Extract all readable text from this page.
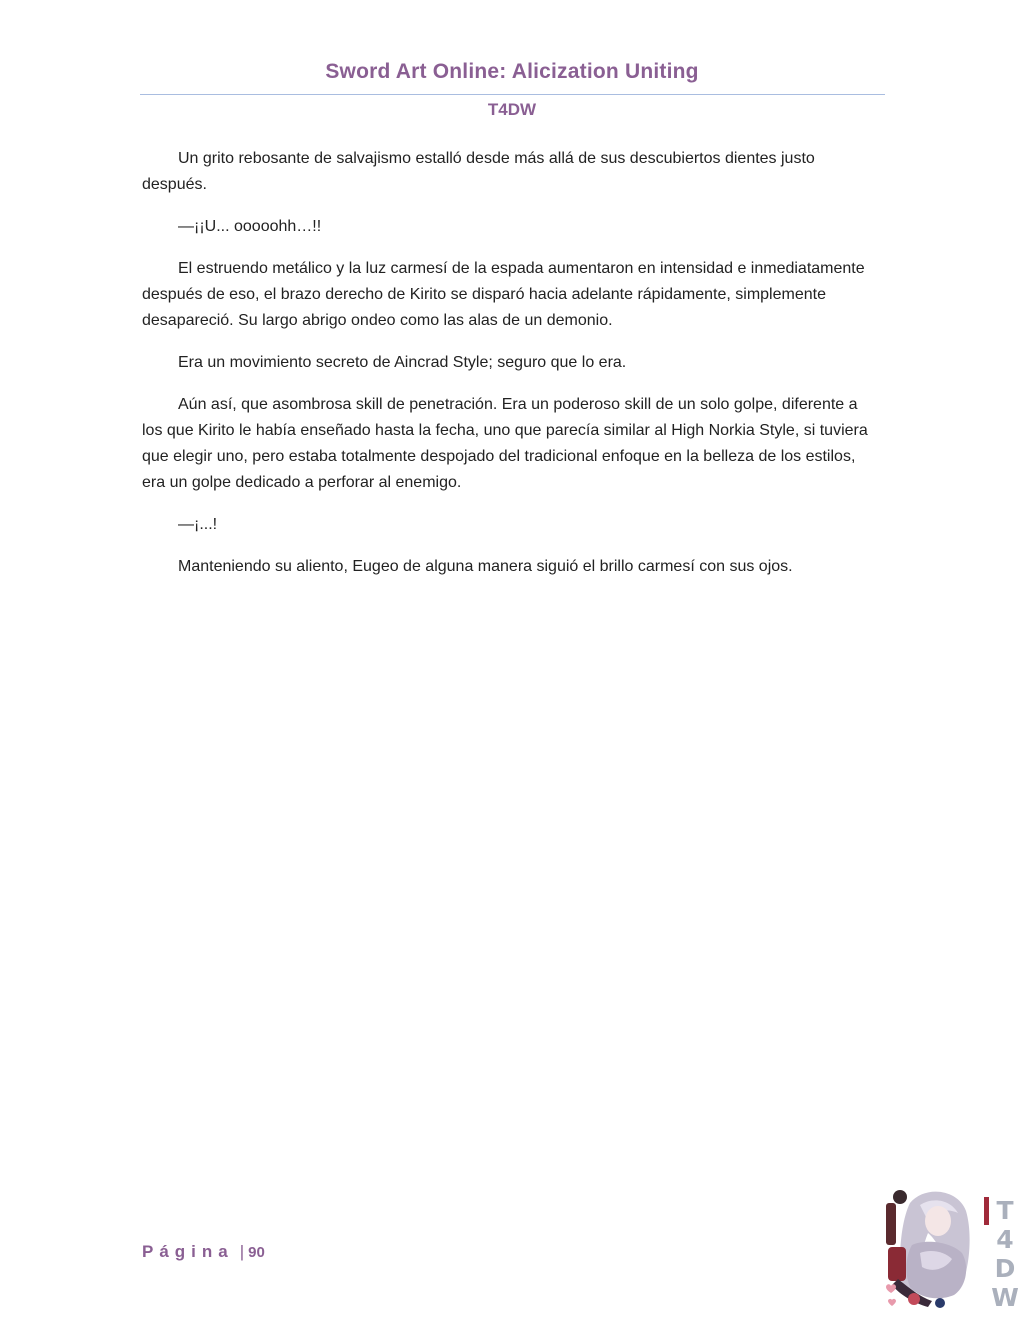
Sword Art Online: Alicization Uniting
T4DW

Un grito rebosante de salvajismo estalló desde más allá de sus descubiertos dientes justo después.

—¡¡U... ooooohh…!!

El estruendo metálico y la luz carmesí de la espada aumentaron en intensidad e inmediatamente después de eso, el brazo derecho de Kirito se disparó hacia adelante rápidamente, simplemente desapareció. Su largo abrigo ondeo como las alas de un demonio.

Era un movimiento secreto de Aincrad Style; seguro que lo era.

Aún así, que asombrosa skill de penetración. Era un poderoso skill de un solo golpe, diferente a los que Kirito le había enseñado hasta la fecha, uno que parecía similar al High Norkia Style, si tuviera que elegir uno, pero estaba totalmente despojado del tradicional enfoque en la belleza de los estilos, era un golpe dedicado a perforar al enemigo.

—¡...!

Manteniendo su aliento, Eugeo de alguna manera siguió el brillo carmesí con sus ojos.

Página | 90
T
4
D
W
